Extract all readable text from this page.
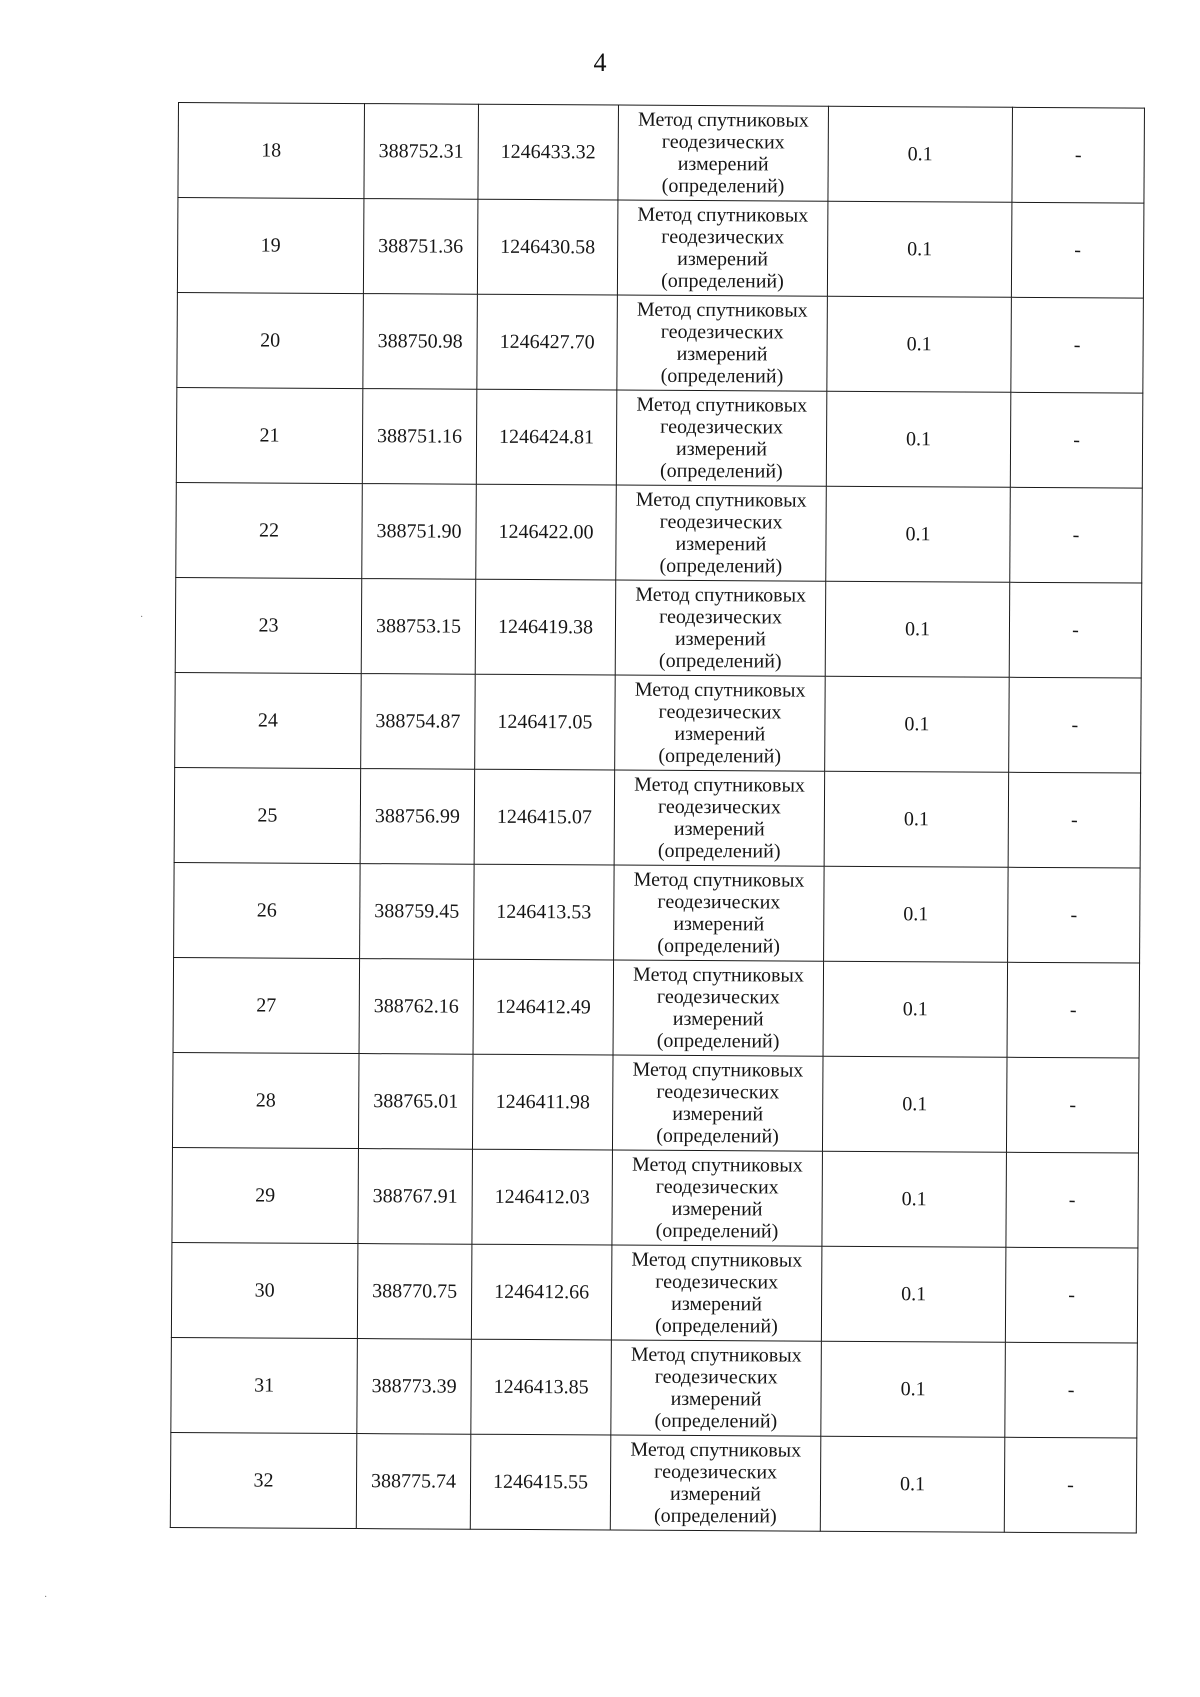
4
18	388752.31	1246433.32	Метод спутниковых
геодезических
измерений
(определений)	0.1	-
19	388751.36	1246430.58	Метод спутниковых
геодезических
измерений
(определений)	0.1	-
20	388750.98	1246427.70	Метод спутниковых
геодезических
измерений
(определений)	0.1	-
21	388751.16	1246424.81	Метод спутниковых
геодезических
измерений
(определений)	0.1	-
22	388751.90	1246422.00	Метод спутниковых
геодезических
измерений
(определений)	0.1	-
23	388753.15	1246419.38	Метод спутниковых
геодезических
измерений
(определений)	0.1	-
24	388754.87	1246417.05	Метод спутниковых
геодезических
измерений
(определений)	0.1	-
25	388756.99	1246415.07	Метод спутниковых
геодезических
измерений
(определений)	0.1	-
26	388759.45	1246413.53	Метод спутниковых
геодезических
измерений
(определений)	0.1	-
27	388762.16	1246412.49	Метод спутниковых
геодезических
измерений
(определений)	0.1	-
28	388765.01	1246411.98	Метод спутниковых
геодезических
измерений
(определений)	0.1	-
29	388767.91	1246412.03	Метод спутниковых
геодезических
измерений
(определений)	0.1	-
30	388770.75	1246412.66	Метод спутниковых
геодезических
измерений
(определений)	0.1	-
31	388773.39	1246413.85	Метод спутниковых
геодезических
измерений
(определений)	0.1	-
32	388775.74	1246415.55	Метод спутниковых
геодезических
измерений
(определений)	0.1	-
·
·
